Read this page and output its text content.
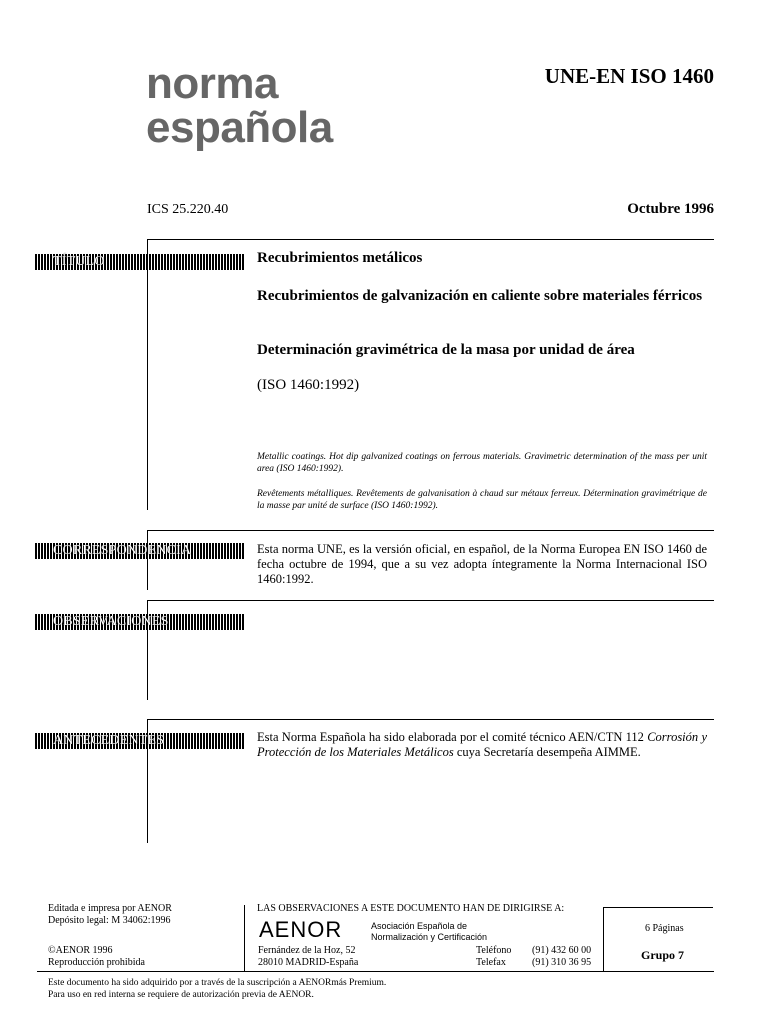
norma
española
UNE-EN ISO 1460
ICS 25.220.40	Octubre 1996
TÍTULO
CORRESPONDENCIA
OBSERVACIONES
ANTECEDENTES
Recubrimientos metálicos
Recubrimientos de galvanización en caliente sobre materiales férricos
Determinación gravimétrica de la masa por unidad de área
(ISO 1460:1992)
Metallic coatings. Hot dip galvanized coatings on ferrous materials. Gravimetric determination of the mass per unit area (ISO 1460:1992).
Revêtements métalliques. Revêtements de galvanisation à chaud sur métaux ferreux. Détermination gravimétrique de la masse par unité de surface (ISO 1460:1992).
Esta norma UNE, es la versión oficial, en español, de la Norma Europea EN ISO 1460 de fecha octubre de 1994, que a su vez adopta íntegramente la Norma Internacional ISO 1460:1992.
Esta Norma Española ha sido elaborada por el comité técnico AEN/CTN 112 Corrosión y Protección de los Materiales Metálicos cuya Secretaría desempeña AIMME.
Editada e impresa por AENOR
Depósito legal: M 34062:1996
©AENOR 1996
Reproducción prohibida
LAS OBSERVACIONES A ESTE DOCUMENTO HAN DE DIRIGIRSE A:
AENOR	Asociación Española de
Normalización y Certificación
Fernández de la Hoz, 52
28010 MADRID-España
Teléfono (91) 432 60 00
Telefax	(91) 310 36 95
6 Páginas
Grupo 7
Este documento ha sido adquirido por a través de la suscripción a AENORmás Premium.
Para uso en red interna se requiere de autorización previa de AENOR.
